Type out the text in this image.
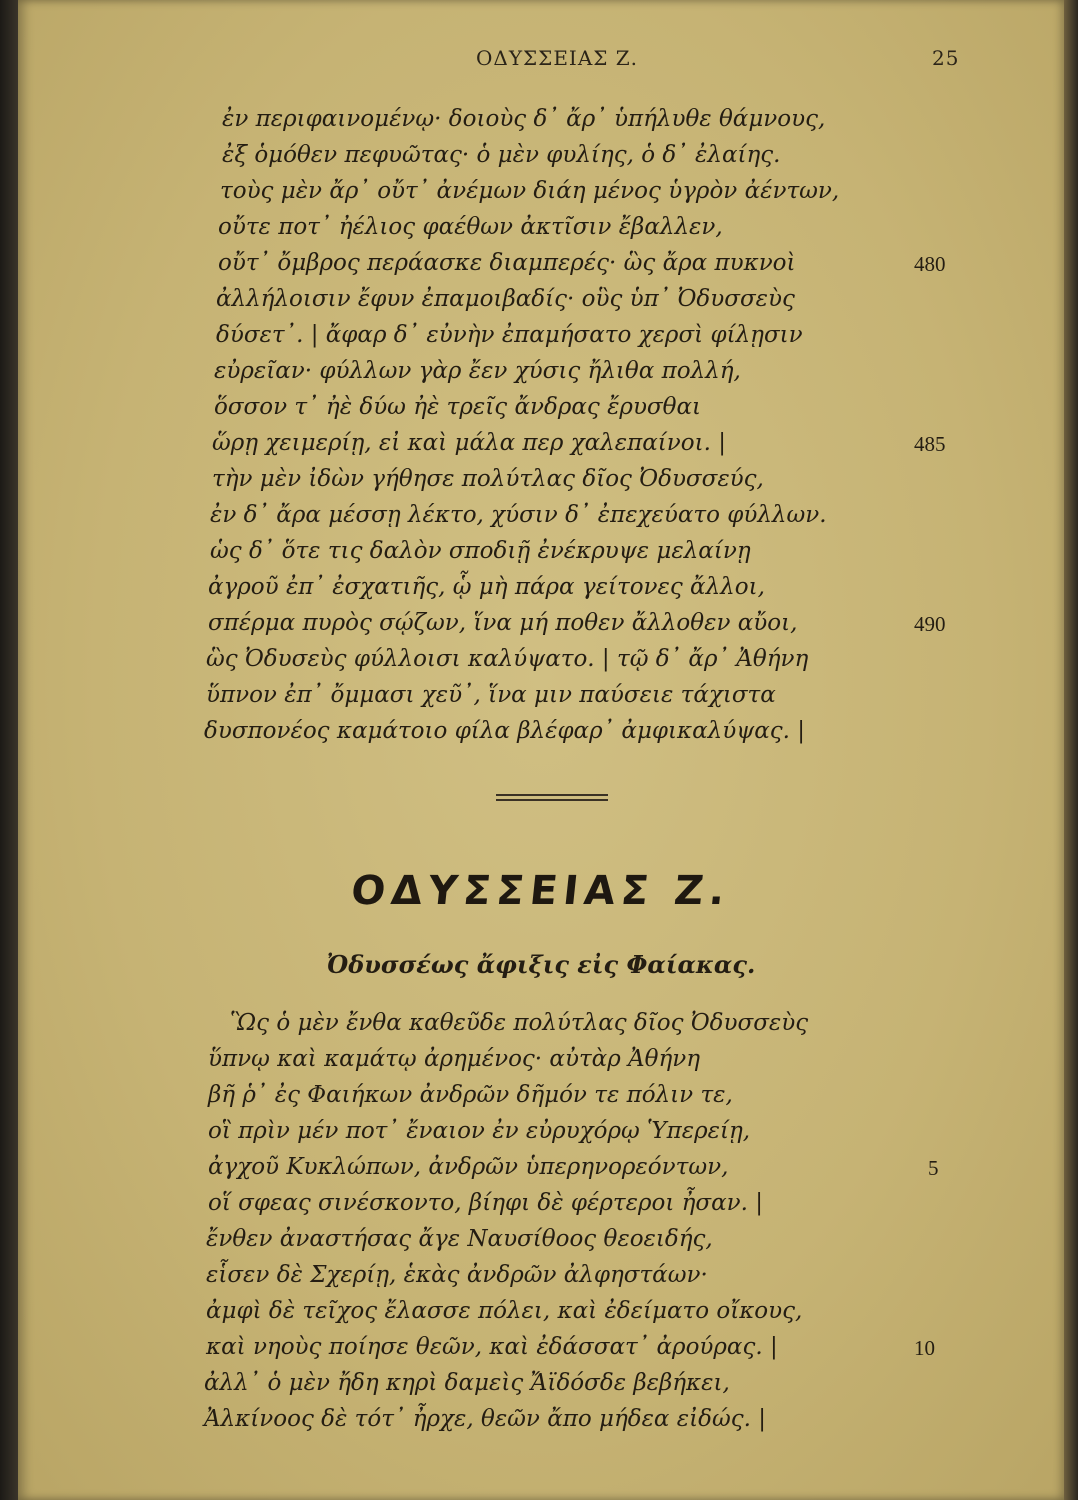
ΟΔΥΣΣΕΙΑΣ Ζ.	25
ἐν περιφαινομένῳ· δοιοὺς δ᾽ ἄρ᾽ ὑπήλυθε θάμνους,
ἐξ ὁμόθεν πεφυῶτας· ὁ μὲν φυλίης, ὁ δ᾽ ἐλαίης.
τοὺς μὲν ἄρ᾽ οὔτ᾽ ἀνέμων διάη μένος ὑγρὸν ἀέντων,
οὔτε ποτ᾽ ἠέλιος φαέθων ἀκτῖσιν ἔβαλλεν,
οὔτ᾽ ὄμβρος περάασκε διαμπερές· ὣς ἄρα πυκνοὶ	480
ἀλλήλοισιν ἔφυν ἐπαμοιβαδίς· οὓς ὑπ᾽ Ὀδυσσεὺς
δύσετ᾽. | ἄφαρ δ᾽ εὐνὴν ἐπαμήσατο χερσὶ φίλῃσιν
εὐρεῖαν· φύλλων γὰρ ἔεν χύσις ἤλιθα πολλή,
ὅσσον τ᾽ ἠὲ δύω ἠὲ τρεῖς ἄνδρας ἔρυσθαι
ὥρῃ χειμερίῃ, εἰ καὶ μάλα περ χαλεπαίνοι. |	485
τὴν μὲν ἰδὼν γήθησε πολύτλας δῖος Ὀδυσσεύς,
ἐν δ᾽ ἄρα μέσσῃ λέκτο, χύσιν δ᾽ ἐπεχεύατο φύλλων.
ὡς δ᾽ ὅτε τις δαλὸν σποδιῇ ἐνέκρυψε μελαίνῃ
ἀγροῦ ἐπ᾽ ἐσχατιῆς, ᾧ μὴ πάρα γείτονες ἄλλοι,
σπέρμα πυρὸς σῴζων, ἵνα μή ποθεν ἄλλοθεν αὔοι,	490
ὣς Ὀδυσεὺς φύλλοισι καλύψατο. | τῷ δ᾽ ἄρ᾽ Ἀθήνη
ὕπνον ἐπ᾽ ὄμμασι χεῦ᾽, ἵνα μιν παύσειε τάχιστα
δυσπονέος καμάτοιο φίλα βλέφαρ᾽ ἀμφικαλύψας. |
ΟΔΥΣΣΕΙΑΣ Ζ.
Ὀδυσσέως ἄφιξις εἰς Φαίακας.
Ὣς ὁ μὲν ἔνθα καθεῦδε πολύτλας δῖος Ὀδυσσεὺς
ὕπνῳ καὶ καμάτῳ ἀρημένος· αὐτὰρ Ἀθήνη
βῆ ῥ᾽ ἐς Φαιήκων ἀνδρῶν δῆμόν τε πόλιν τε,
οἳ πρὶν μέν ποτ᾽ ἔναιον ἐν εὐρυχόρῳ Ὑπερείῃ,
ἀγχοῦ Κυκλώπων, ἀνδρῶν ὑπερηνορεόντων,	5
οἵ σφεας σινέσκοντο, βίηφι δὲ φέρτεροι ἦσαν. |
ἔνθεν ἀναστήσας ἄγε Ναυσίθοος θεοειδής,
εἷσεν δὲ Σχερίῃ, ἑκὰς ἀνδρῶν ἀλφηστάων·
ἀμφὶ δὲ τεῖχος ἔλασσε πόλει, καὶ ἐδείματο οἴκους,
καὶ νηοὺς ποίησε θεῶν, καὶ ἐδάσσατ᾽ ἀρούρας. |	10
ἀλλ᾽ ὁ μὲν ἤδη κηρὶ δαμεὶς Ἄϊδόσδε βεβήκει,
Ἀλκίνοος δὲ τότ᾽ ἦρχε, θεῶν ἄπο μήδεα εἰδώς. |
